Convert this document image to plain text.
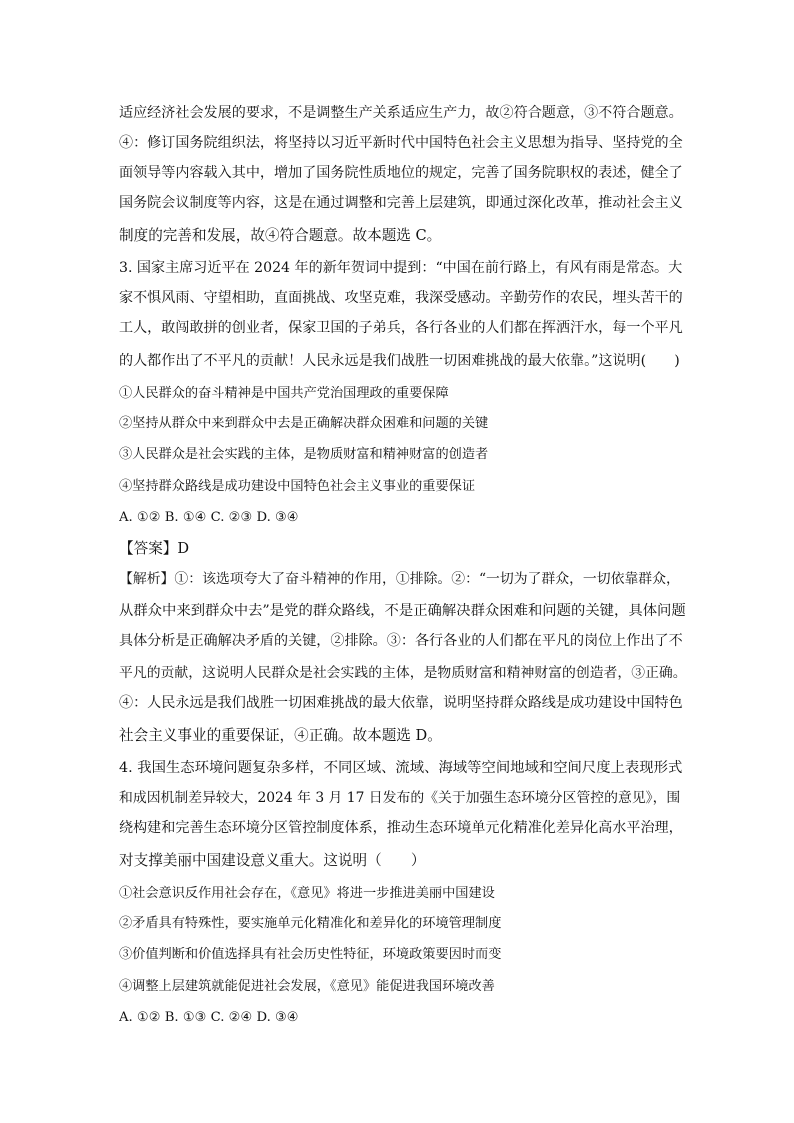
适应经济社会发展的要求，不是调整生产关系适应生产力，故②符合题意，③不符合题意。
④：修订国务院组织法，将坚持以习近平新时代中国特色社会主义思想为指导、坚持党的全
面领导等内容载入其中，增加了国务院性质地位的规定，完善了国务院职权的表述，健全了
国务院会议制度等内容，这是在通过调整和完善上层建筑，即通过深化改革，推动社会主义
制度的完善和发展，故④符合题意。故本题选 C。
3. 国家主席习近平在 2024 年的新年贺词中提到：“中国在前行路上，有风有雨是常态。大
家不惧风雨、守望相助，直面挑战、攻坚克难，我深受感动。辛勤劳作的农民，埋头苦干的
工人，敢闯敢拼的创业者，保家卫国的子弟兵，各行各业的人们都在挥洒汗水，每一个平凡
的人都作出了不平凡的贡献！人民永远是我们战胜一切困难挑战的最大依靠。”这说明(　　)
①人民群众的奋斗精神是中国共产党治国理政的重要保障
②坚持从群众中来到群众中去是正确解决群众困难和问题的关键
③人民群众是社会实践的主体，是物质财富和精神财富的创造者
④坚持群众路线是成功建设中国特色社会主义事业的重要保证
A. ①② B. ①④ C. ②③ D. ③④
【答案】D
【解析】①：该选项夸大了奋斗精神的作用，①排除。②：“一切为了群众，一切依靠群众，
从群众中来到群众中去”是党的群众路线，不是正确解决群众困难和问题的关键，具体问题
具体分析是正确解决矛盾的关键，②排除。③：各行各业的人们都在平凡的岗位上作出了不
平凡的贡献，这说明人民群众是社会实践的主体，是物质财富和精神财富的创造者，③正确。
④：人民永远是我们战胜一切困难挑战的最大依靠，说明坚持群众路线是成功建设中国特色
社会主义事业的重要保证，④正确。故本题选 D。
4. 我国生态环境问题复杂多样，不同区域、流域、海域等空间地域和空间尺度上表现形式
和成因机制差异较大，2024 年 3 月 17 日发布的《关于加强生态环境分区管控的意见》，围
绕构建和完善生态环境分区管控制度体系，推动生态环境单元化精准化差异化高水平治理，
对支撑美丽中国建设意义重大。这说明（　　）
①社会意识反作用社会存在，《意见》将进一步推进美丽中国建设
②矛盾具有特殊性，要实施单元化精准化和差异化的环境管理制度
③价值判断和价值选择具有社会历史性特征，环境政策要因时而变
④调整上层建筑就能促进社会发展，《意见》能促进我国环境改善
A. ①② B. ①③ C. ②④ D. ③④
